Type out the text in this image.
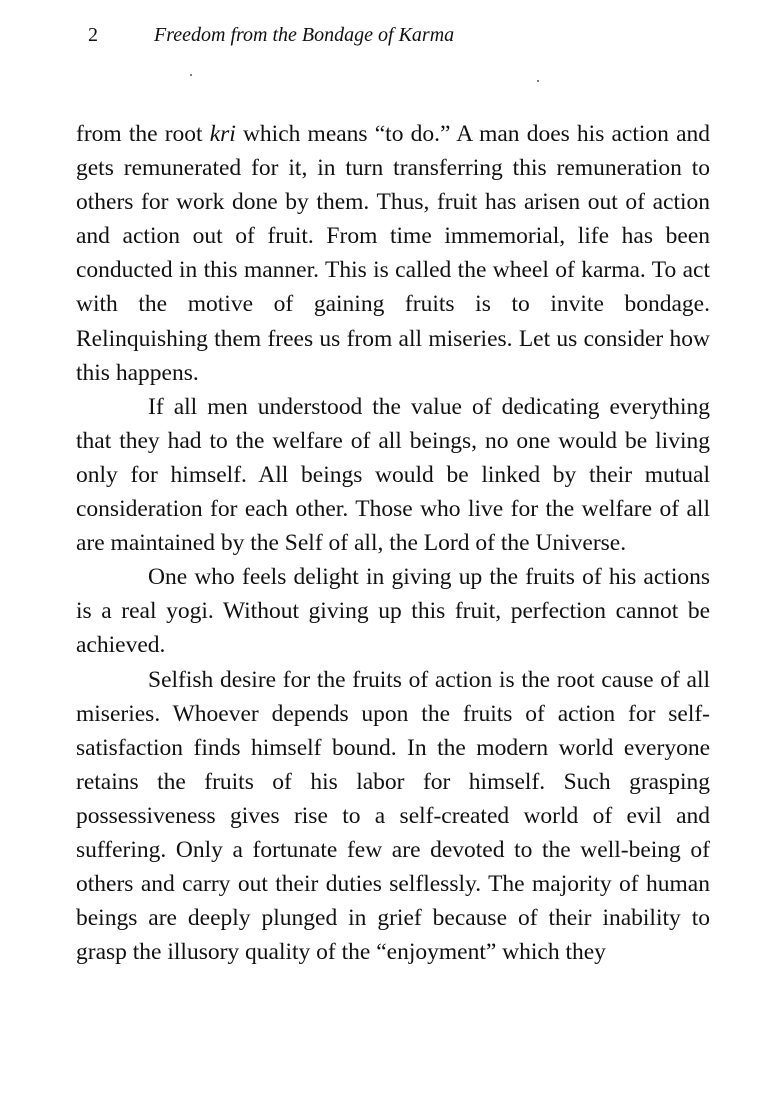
2	Freedom from the Bondage of Karma

from the root kri which means “to do.” A man does his action and gets remunerated for it, in turn transferring this remuneration to others for work done by them. Thus, fruit has arisen out of action and action out of fruit. From time immemorial, life has been conducted in this manner. This is called the wheel of karma. To act with the motive of gaining fruits is to invite bondage. Relinquishing them frees us from all miseries. Let us consider how this happens.

If all men understood the value of dedicating everything that they had to the welfare of all beings, no one would be living only for himself. All beings would be linked by their mutual consideration for each other. Those who live for the welfare of all are maintained by the Self of all, the Lord of the Universe.

One who feels delight in giving up the fruits of his actions is a real yogi. Without giving up this fruit, perfection cannot be achieved.

Selfish desire for the fruits of action is the root cause of all miseries. Whoever depends upon the fruits of action for self-satisfaction finds himself bound. In the modern world everyone retains the fruits of his labor for himself. Such grasping possessiveness gives rise to a self-created world of evil and suffering. Only a fortunate few are devoted to the well-being of others and carry out their duties selflessly. The majority of human beings are deeply plunged in grief because of their inability to grasp the illusory quality of the “enjoyment” which they
